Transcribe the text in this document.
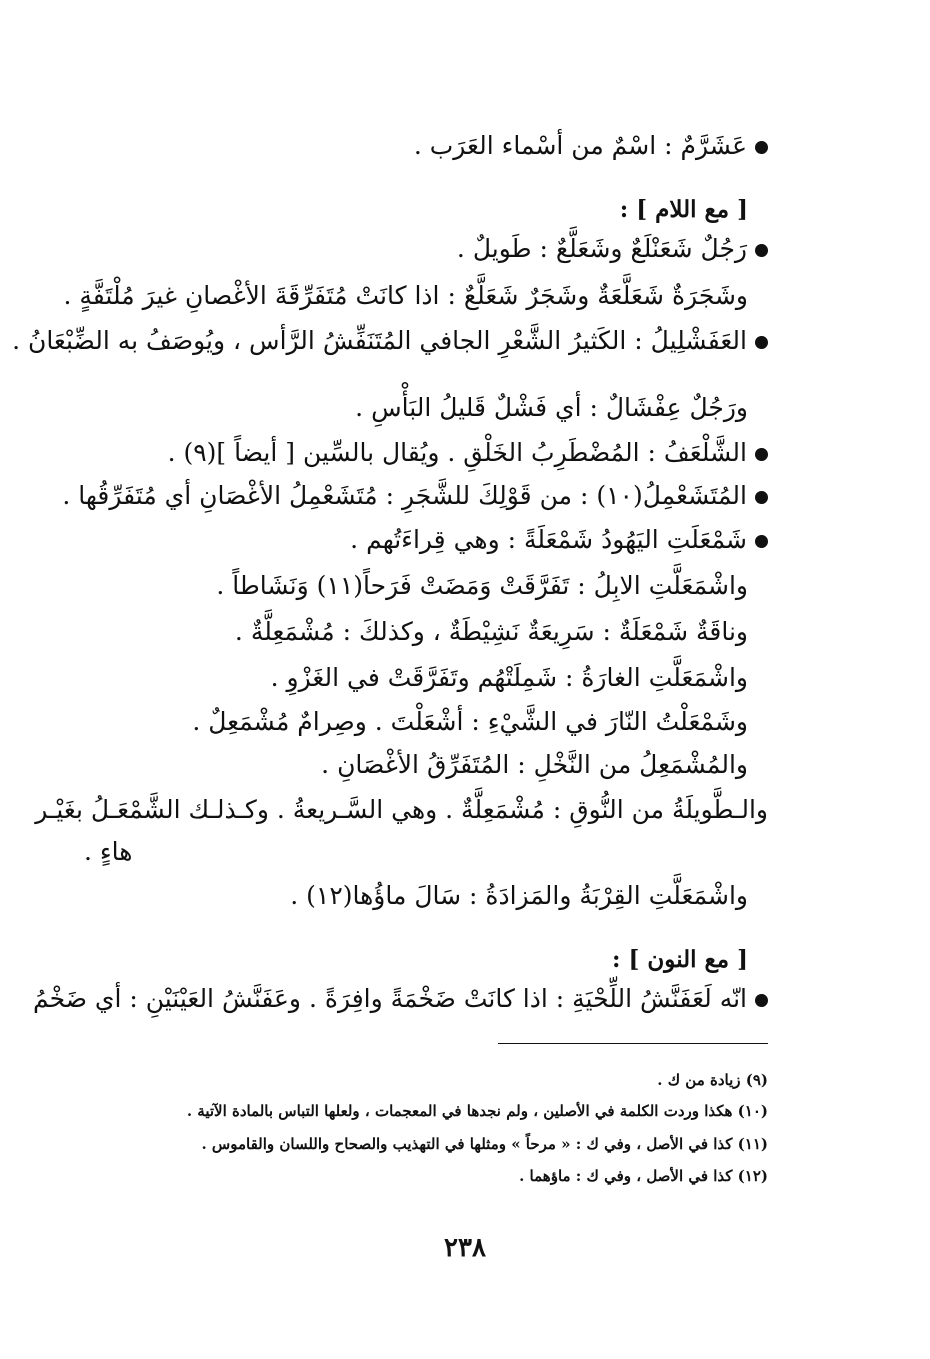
عَشَرَّمٌ : اسْمٌ من أسْماء العَرَب .
[ مع اللام ] :
رَجُلٌ شَعَنْلَعٌ وشَعَلَّعٌ : طَويلٌ .
وشَجَرَةٌ شَعَلَّعَةٌ وشَجَرٌ شَعَلَّعٌ : اذا كانَتْ مُتَفَرِّقَةَ الأغْصانِ غيرَ مُلْتَفَّةٍ .
العَفَشْلِيلُ : الكَثيرُ الشَّعْرِ الجافي المُتَنَفِّشُ الرَّأس ، ويُوصَفُ به الضِّبْعَانُ .
ورَجُلٌ عِفْشَالٌ : أي فَشْلٌ قَليلُ البَأْسِ .
الشَّلْعَفُ : المُضْطَرِبُ الخَلْقِ . ويُقال بالسِّين [ أيضاً ](٩) .
المُتَشَعْمِلُ(١٠) : من قَوْلِكَ للشَّجَرِ : مُتَشَعْمِلُ الأغْصَانِ أي مُتَفَرِّقُها .
شَمْعَلَتِ اليَهُودُ شَمْعَلَةً : وهي قِراءَتُهم .
واشْمَعَلَّتِ الابِلُ : تَفَرَّقَتْ وَمَضَتْ فَرَحاً(١١) وَنَشَاطاً .
وناقَةٌ شَمْعَلَةٌ : سَرِيعَةٌ نَشِيْطَةٌ ، وكذلكَ : مُشْمَعِلَّةٌ .
واشْمَعَلَّتِ الغارَةُ : شَمِلَتْهُم وتَفَرَّقَتْ في الغَزْوِ .
وشَمْعَلْتُ النّارَ في الشَّيْءِ : أشْعَلْتَ . وصِرامٌ مُشْمَعِلٌ .
والمُشْمَعِلُ من النَّخْلِ : المُتَفَرِّقُ الأغْصَانِ .
والـطَّويلَةُ من النُّوقِ : مُشْمَعِلَّةٌ . وهي السَّـريعةُ . وكـذلـك الشَّمْعَـلُ بغَيْـر
هاءٍ .
واشْمَعَلَّتِ القِرْبَةُ والمَزادَةُ : سَالَ ماؤُها(١٢) .
[ مع النون ] :
انّه لَعَفَنَّشُ اللِّحْيَةِ : اذا كانَتْ ضَخْمَةً وافِرَةً . وعَفَنَّشُ العَيْنَيْنِ : أي ضَخْمُ
(٩) زيادة من ك .
(١٠) هكذا وردت الكلمة في الأصلين ، ولم نجدها في المعجمات ، ولعلها التباس بالمادة الآتية .
(١١) كذا في الأصل ، وفي ك : « مرحاً » ومثلها في التهذيب والصحاح واللسان والقاموس .
(١٢) كذا في الأصل ، وفي ك : ماؤهما .
٢٣٨
